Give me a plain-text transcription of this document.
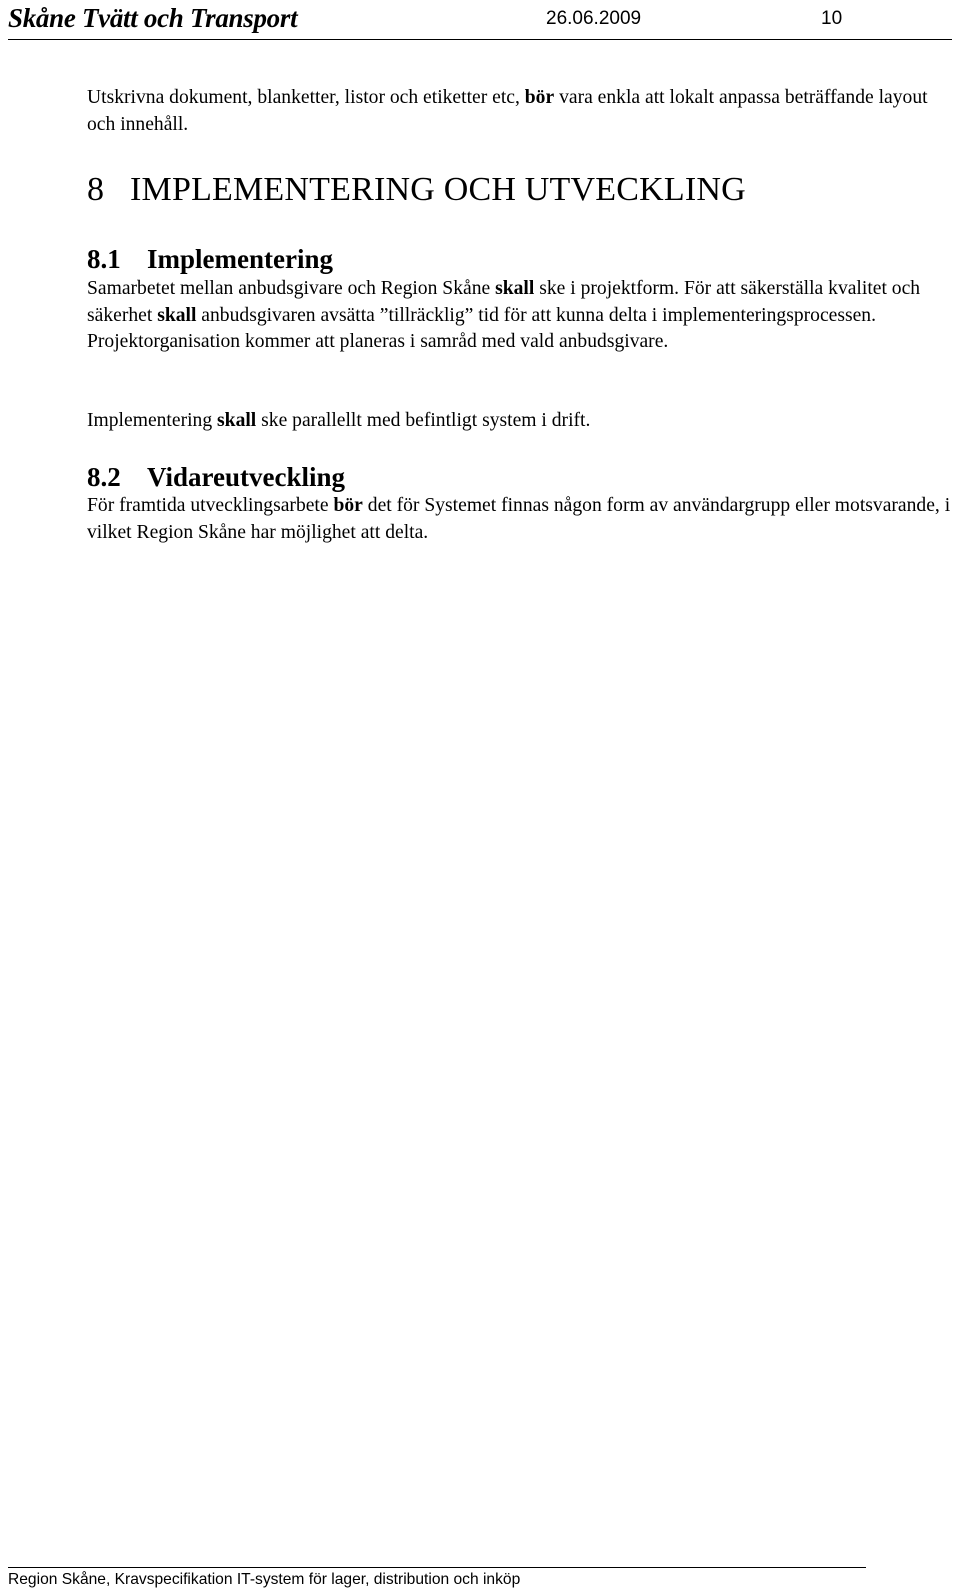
Skåne Tvätt och Transport	26.06.2009	10

Utskrivna dokument, blanketter, listor och etiketter etc, bör vara enkla att lokalt anpassa beträffande layout och innehåll.

8 IMPLEMENTERING OCH UTVECKLING
8.1 Implementering

Samarbetet mellan anbudsgivare och Region Skåne skall ske i projektform. För att säkerställa kvalitet och säkerhet skall anbudsgivaren avsätta ”tillräcklig” tid för att kunna delta i implementeringsprocessen. Projektorganisation kommer att planeras i samråd med vald anbudsgivare.

Implementering skall ske parallellt med befintligt system i drift.

8.2 Vidareutveckling

För framtida utvecklingsarbete bör det för Systemet finnas någon form av användargrupp eller motsvarande, i vilket Region Skåne har möjlighet att delta.

Region Skåne, Kravspecifikation IT-system för lager, distribution och inköp
